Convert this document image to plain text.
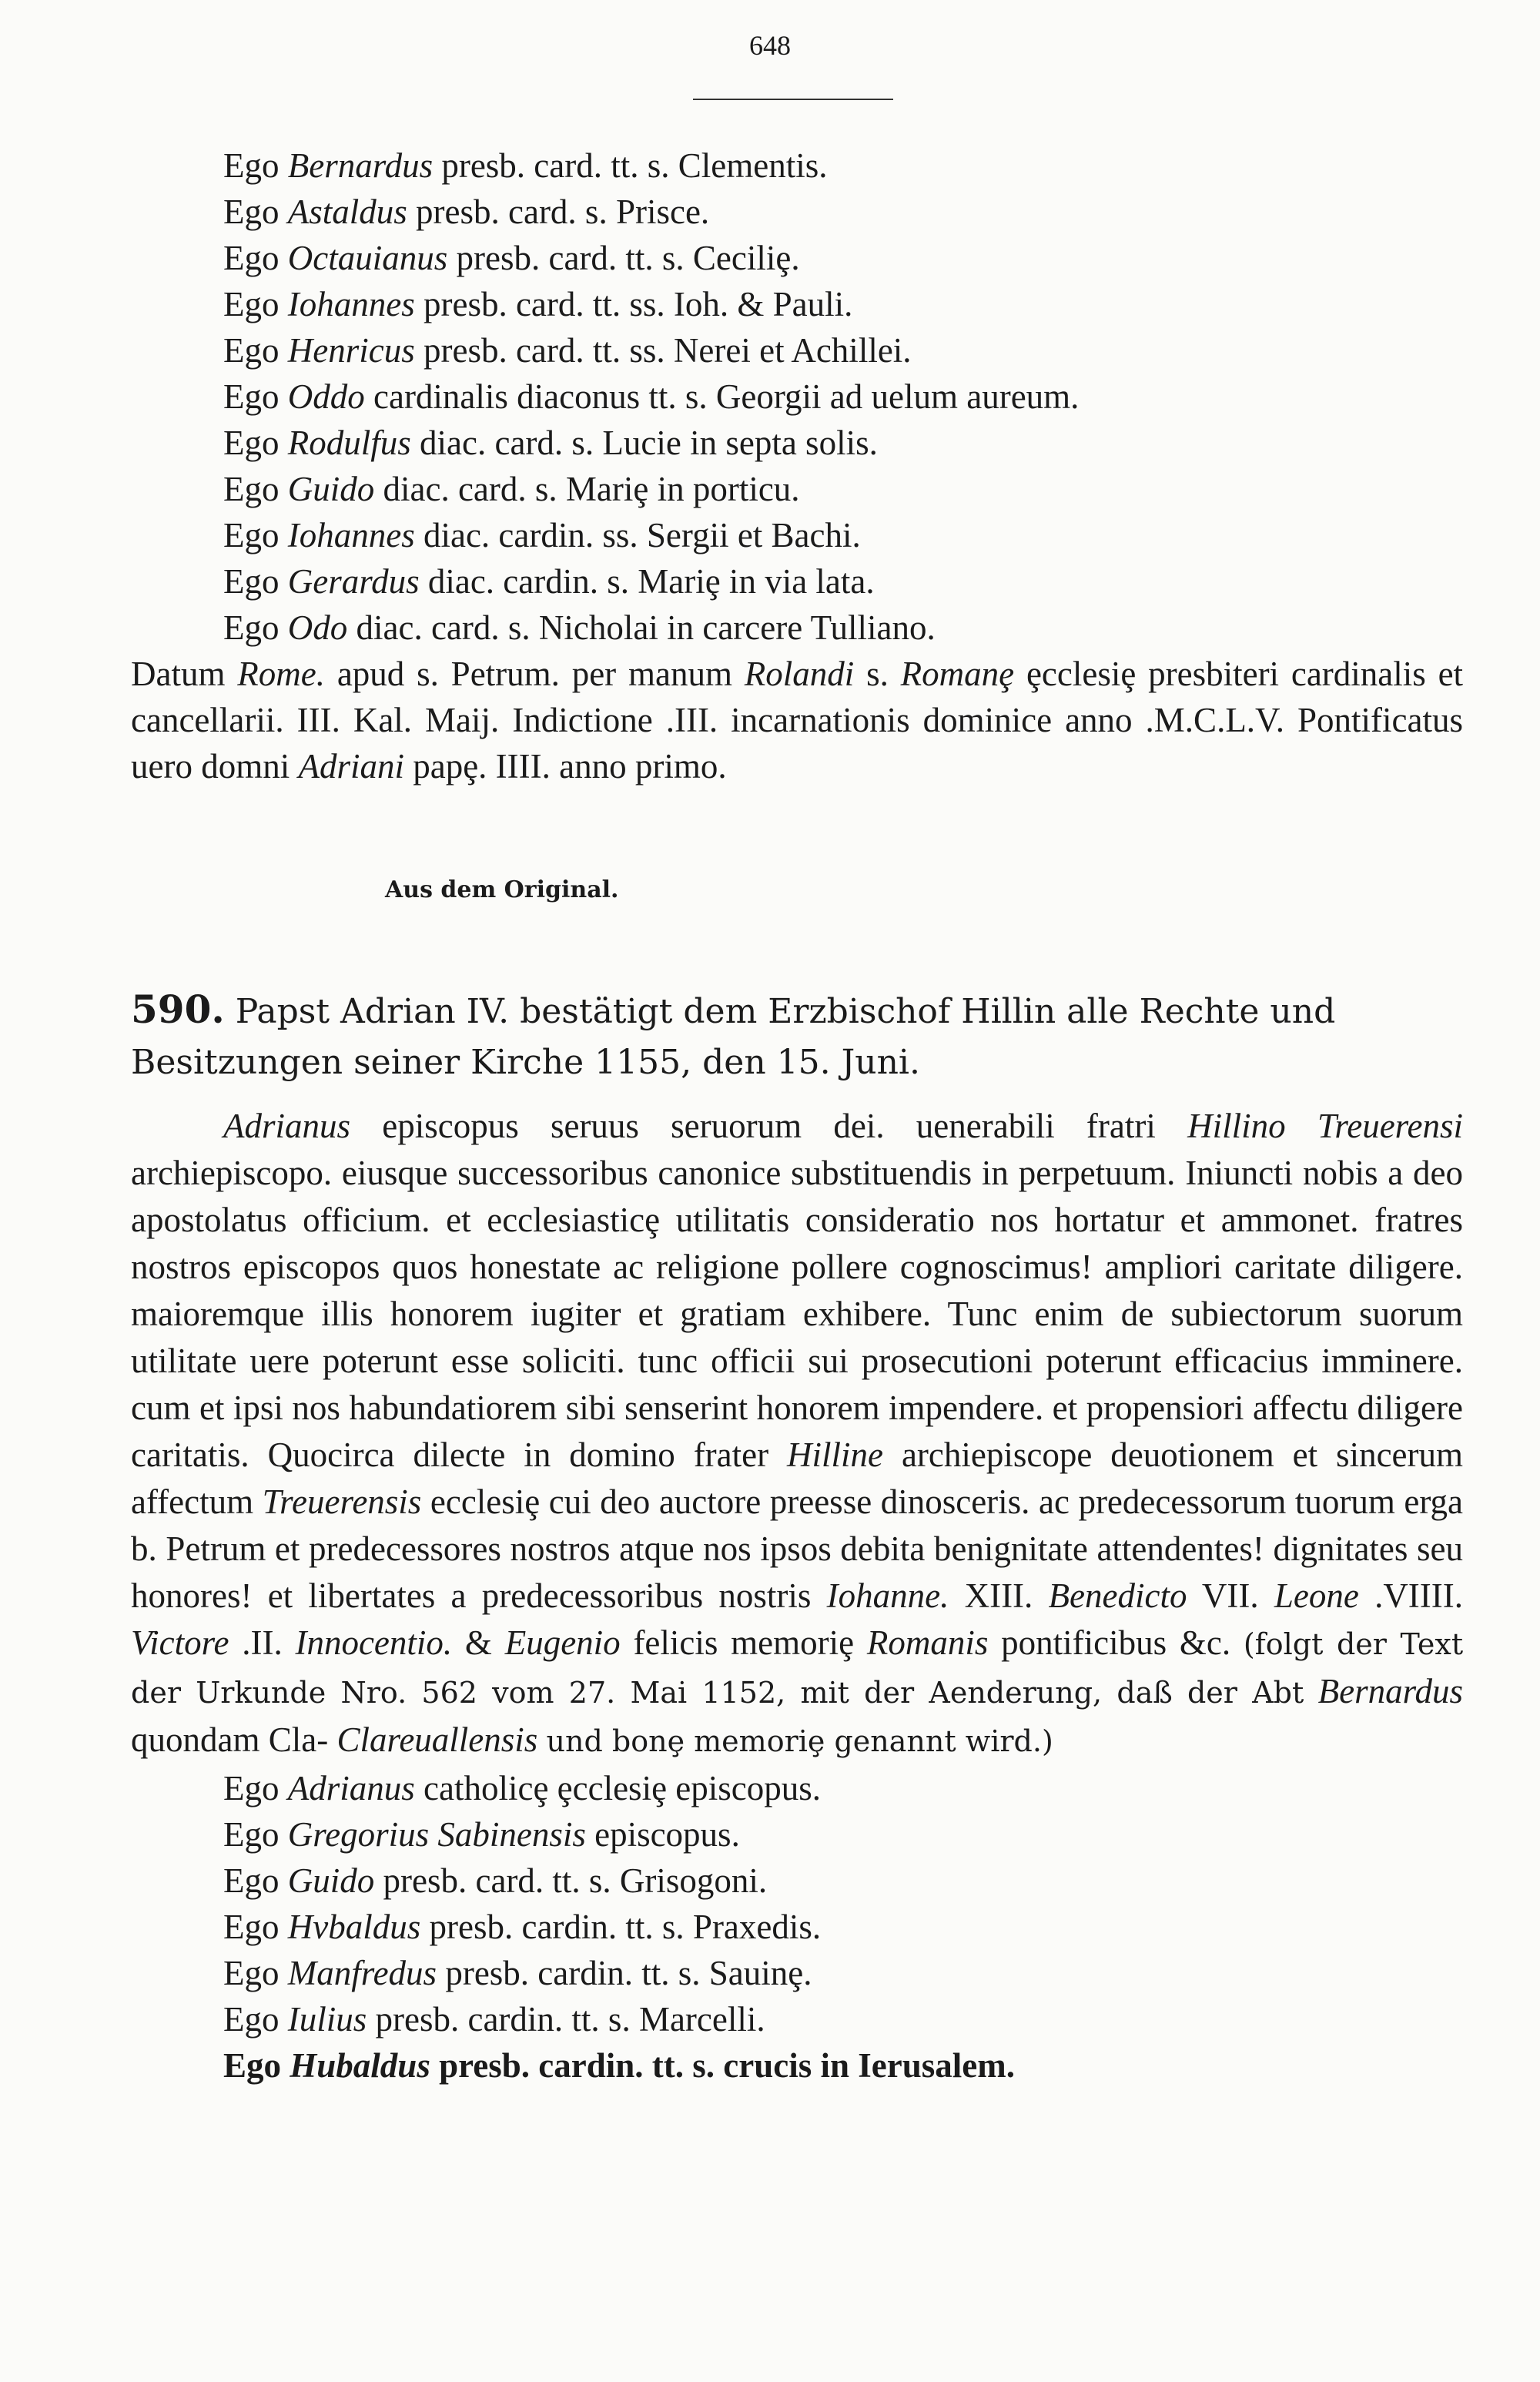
648
Ego Bernardus presb. card. tt. s. Clementis.
Ego Astaldus presb. card. s. Prisce.
Ego Octauianus presb. card. tt. s. Ceciliȩ.
Ego Iohannes presb. card. tt. ss. Ioh. & Pauli.
Ego Henricus presb. card. tt. ss. Nerei et Achillei.
Ego Oddo cardinalis diaconus tt. s. Georgii ad uelum aureum.
Ego Rodulfus diac. card. s. Lucie in septa solis.
Ego Guido diac. card. s. Mariȩ in porticu.
Ego Iohannes diac. cardin. ss. Sergii et Bachi.
Ego Gerardus diac. cardin. s. Mariȩ in via lata.
Ego Odo diac. card. s. Nicholai in carcere Tulliano.
Datum Rome. apud s. Petrum. per manum Rolandi s. Romanȩ ȩcclesiȩ presbiteri cardinalis et cancellarii. III. Kal. Maij. Indictione .III. incarnationis dominice anno .M.C.L.V. Pontificatus uero domni Adriani papȩ. IIII. anno primo.
Aus dem Original.
590. Papst Adrian IV. bestätigt dem Erzbischof Hillin alle Rechte und Besitzungen seiner Kirche 1155, den 15. Juni.
Adrianus episcopus seruus seruorum dei. uenerabili fratri Hillino Treuerensi archiepiscopo. eiusque successoribus canonice substituendis in perpetuum. Iniuncti nobis a deo apostolatus officium. et ecclesiasticȩ utilitatis consideratio nos hortatur et ammonet. fratres nostros episcopos quos honestate ac religione pollere cognoscimus! ampliori caritate diligere. maioremque illis honorem iugiter et gratiam exhibere. Tunc enim de subiectorum suorum utilitate uere poterunt esse soliciti. tunc officii sui prosecutioni poterunt efficacius imminere. cum et ipsi nos habundatiorem sibi senserint honorem impendere. et propensiori affectu diligere caritatis. Quocirca dilecte in domino frater Hilline archiepiscope deuotionem et sincerum affectum Treuerensis ecclesiȩ cui deo auctore preesse dinosceris. ac predecessorum tuorum erga b. Petrum et predecessores nostros atque nos ipsos debita benignitate attendentes! dignitates seu honores! et libertates a predecessoribus nostris Iohanne. XIII. Benedicto VII. Leone .VIIII. Victore .II. Innocentio. & Eugenio felicis memoriȩ Romanis pontificibus &c. (folgt der Text der Urkunde Nro. 562 vom 27. Mai 1152, mit der Aenderung, daß der Abt Bernardus quondam Cla- Clareuallensis und bonȩ memoriȩ genannt wird.)
Ego Adrianus catholicȩ ȩcclesiȩ episcopus.
Ego Gregorius Sabinensis episcopus.
Ego Guido presb. card. tt. s. Grisogoni.
Ego Hvbaldus presb. cardin. tt. s. Praxedis.
Ego Manfredus presb. cardin. tt. s. Sauinȩ.
Ego Iulius presb. cardin. tt. s. Marcelli.
Ego Hubaldus presb. cardin. tt. s. crucis in Ierusalem.
